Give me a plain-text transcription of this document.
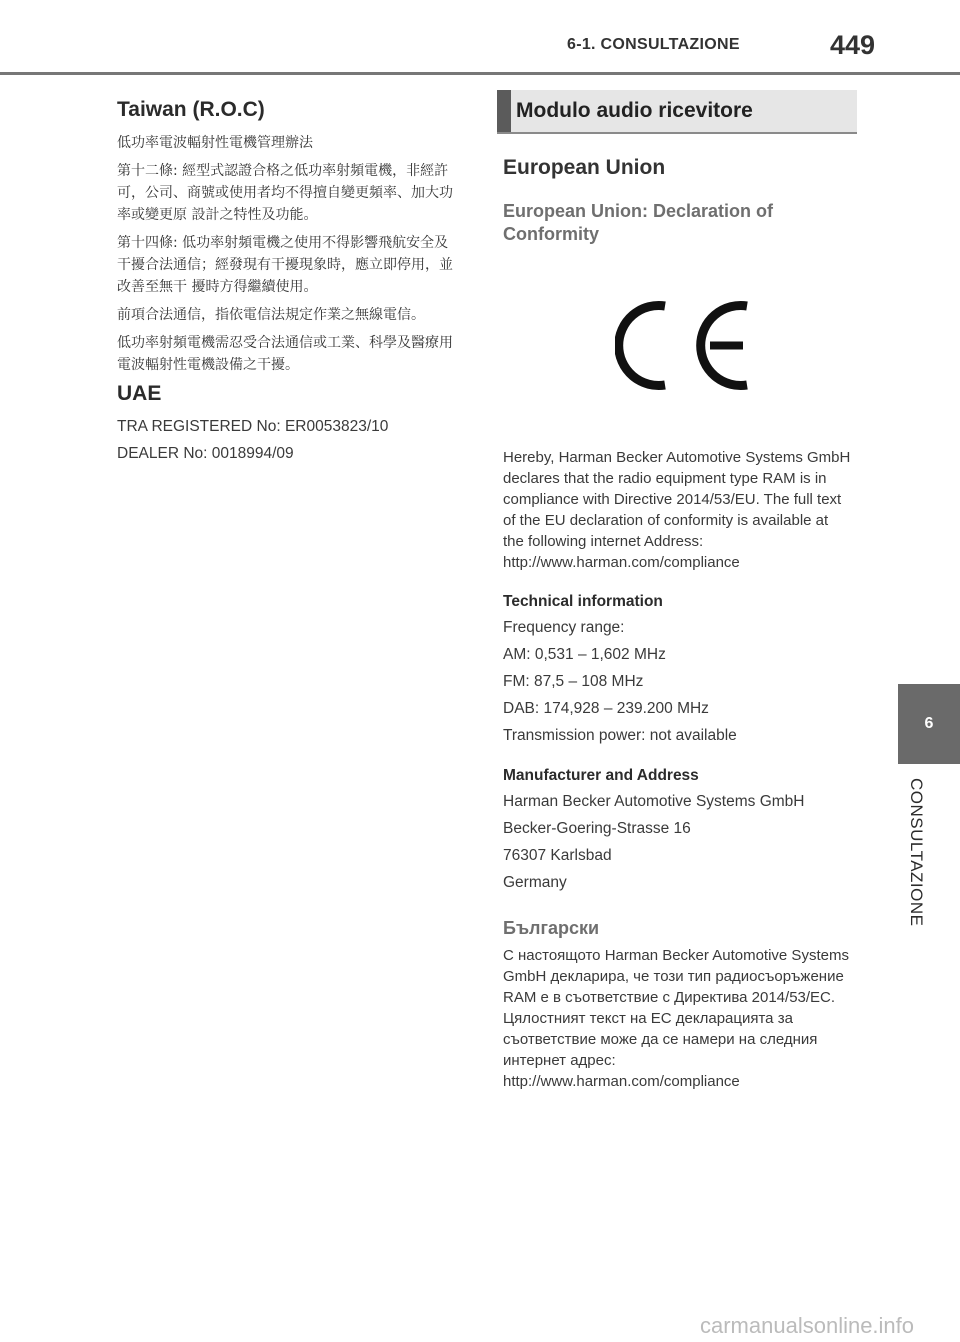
6-1. CONSULTAZIONE	449
Taiwan (R.O.C)

低功率電波輻射性電機管理辦法

第十二條: 經型式認證合格之低功率射頻電機，非經許可，公司、商號或使用者均不得擅自變更頻率、加大功率或變更原 設計之特性及功能。

第十四條: 低功率射頻電機之使用不得影響飛航安全及干擾合法通信；經發現有干擾現象時，應立即停用，並改善至無干 擾時方得繼續使用。

前項合法通信，指依電信法規定作業之無線電信。

低功率射頻電機需忍受合法通信或工業、科學及醫療用電波輻射性電機設備之干擾。

UAE

TRA REGISTERED No: ER0053823/10

DEALER No: 0018994/09

Modulo audio ricevitore
European Union
European Union: Declaration of Conformity

Hereby, Harman Becker Automotive Systems GmbH declares that the radio equipment type RAM is in compliance with Directive 2014/53/EU. The full text of the EU declaration of conformity is available at the following internet Address: http://www.harman.com/compliance

Technical information
Frequency range:
AM: 0,531 – 1,602 MHz
FM: 87,5 – 108 MHz
DAB: 174,928 – 239.200 MHz
Transmission power: not available
Manufacturer and Address
Harman Becker Automotive Systems GmbH
Becker-Goering-Strasse 16
76307 Karlsbad
Germany
Български

С настоящото Harman Becker Automotive Systems GmbH декларира, че този тип радиосъоръжение RAM е в съответствие с Директива 2014/53/ЕС. Цялостният текст на ЕС декларацията за съответствие може да се намери на следния интернет адрес: http://www.harman.com/compliance

6
CONSULTAZIONE
carmanualsonline.info
